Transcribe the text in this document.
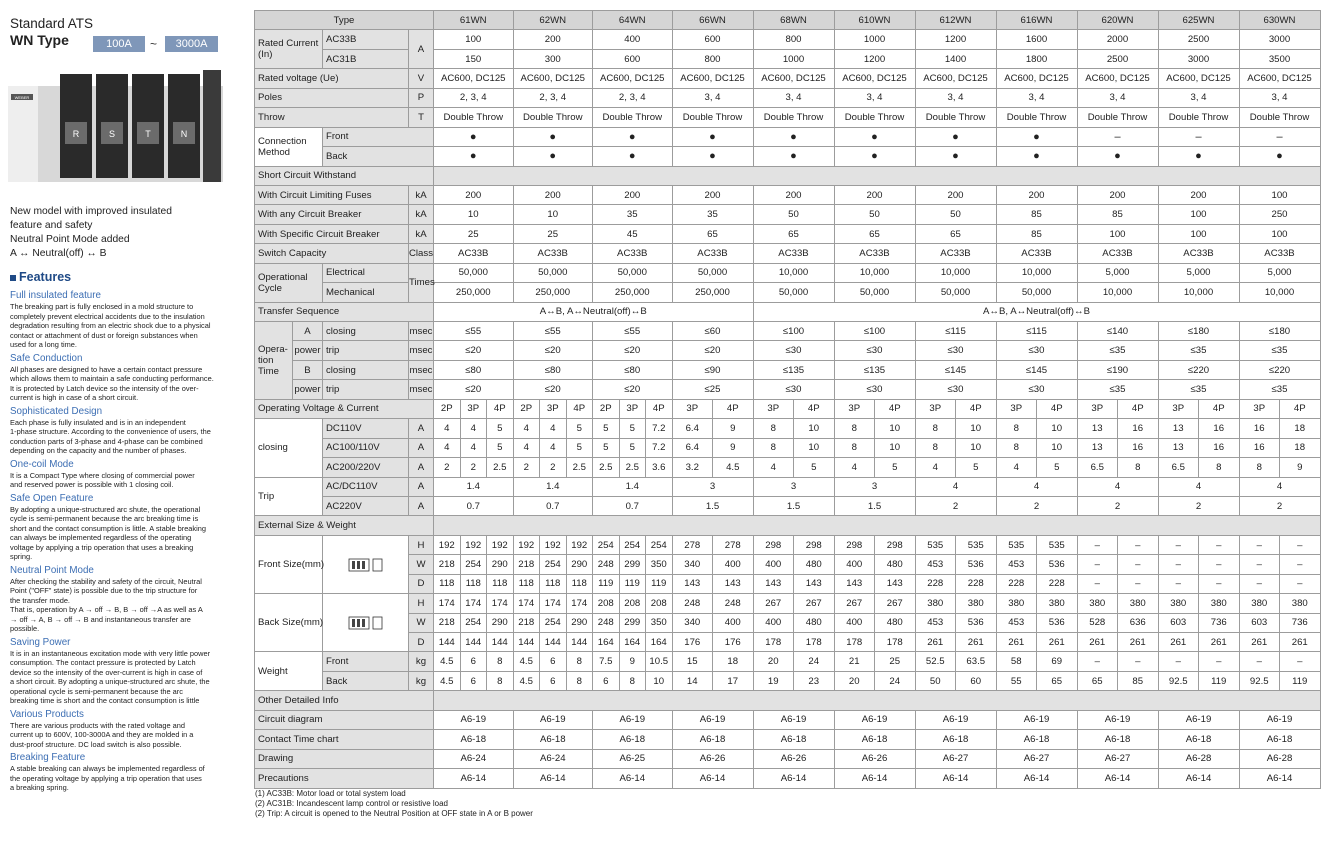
Standard ATS
WN Type	100A	~	3000A
WEBER
R	S	T	N
New model with improved insulated
feature and safety
Neutral Point Mode added
A ↔ Neutral(off) ↔ B
Features
Full insulated feature
The breaking part is fully enclosed in a mold structure to
completely prevent electrical accidents due to the insulation
degradation resulting from an electric shock due to a physical
contact or attachment of dust or foreign substances when
used for a long time.
Safe Conduction
All phases are designed to have a certain contact pressure
which allows them to maintain a safe conducting performance.
It is protected by Latch device so the intensity of the over-
current is high in case of a short circuit.
Sophisticated Design
Each phase is fully insulated and is in an independent
1-phase structure. According to the convenience of users, the
conduction parts of 3-phase and 4-phase can be combined
depending on the capacity and the number of phases.
One-coil Mode
It is a Compact Type where closing of commercial power
and reserved power is possible with 1 closing coil.
Safe Open Feature
By adopting a unique-structured arc shute, the operational
cycle is semi-permanent because the arc breaking time is
short and the contact consumption is little. A stable breaking
can always be implemented regardless of the operating
voltage by applying a trip operation that uses a breaking
spring.
Neutral Point Mode
After checking the stability and safety of the circuit, Neutral
Point ("OFF" state) is possible due to the trip structure for
the transfer mode.
That is, operation by A → off → B, B → off →A as well as A
→ off → A, B → off → B and instantaneous transfer are
possible.
Saving Power
It is in an instantaneous excitation mode with very little power
consumption. The contact pressure is protected by Latch
device so the intensity of the over-current is high in case of
a short circuit. By adopting a unique-structured arc shute, the
operational cycle is semi-permanent because the arc
breaking time is short and the contact consumption is little
Various Products
There are various products with the rated voltage and
current up to 600V, 100-3000A and they are molded in a
dust-proof structure. DC load switch is also possible.
Breaking Feature
A stable breaking can always be implemented regardless of
the operating voltage by applying a trip operation that uses
a breaking spring.
Type				61WN			62WN			64WN			66WN		68WN		610WN		612WN		616WN		620WN		625WN		630WN	
Rated Current
(In)		AC33B	A	100			200			400			600		800		1000		1200		1600		2000		2500		3000	
		AC31B		150			300			600			800		1000		1200		1400		1800		2500		3000		3500	
Rated voltage (Ue)			V	AC600, DC125			AC600, DC125			AC600, DC125			AC600, DC125		AC600, DC125		AC600, DC125		AC600, DC125		AC600, DC125		AC600, DC125		AC600, DC125		AC600, DC125	
Poles			P	2, 3, 4			2, 3, 4			2, 3, 4			3, 4		3, 4		3, 4		3, 4		3, 4		3, 4		3, 4		3, 4	
Throw			T	Double Throw			Double Throw			Double Throw			Double Throw		Double Throw		Double Throw		Double Throw		Double Throw		Double Throw		Double Throw		Double Throw	
Connection
Method		Front		●			●			●			●		●		●		●		●		–		–		–	
		Back		●			●			●			●		●		●		●		●		●		●		●	
Short Circuit Withstand																												
With Circuit Limiting Fuses			kA	200			200			200			200		200		200		200		200		200		200		100	
With any Circuit Breaker			kA	10			10			35			35		50		50		50		85		85		100		250	
With Specific Circuit Breaker			kA	25			25			45			65		65		65		65		85		100		100		100	
Switch Capacity			Class	AC33B			AC33B			AC33B			AC33B		AC33B		AC33B		AC33B		AC33B		AC33B		AC33B		AC33B	
Operational
Cycle		Electrical	Times	50,000			50,000			50,000			50,000		10,000		10,000		10,000		10,000		5,000		5,000		5,000	
		Mechanical		250,000			250,000			250,000			250,000		50,000		50,000		50,000		50,000		10,000		10,000		10,000	
Transfer Sequence				A↔B, A↔Neutral(off)↔B											A↔B, A↔Neutral(off)↔B													
Opera-
tion Time	A	closing	msec	≤55			≤55			≤55			≤60		≤100		≤100		≤115		≤115		≤140		≤180		≤180	
	power	trip	msec	≤20			≤20			≤20			≤20		≤30		≤30		≤30		≤30		≤35		≤35		≤35	
	B	closing	msec	≤80			≤80			≤80			≤90		≤135		≤135		≤145		≤145		≤190		≤220		≤220	
	power	trip	msec	≤20			≤20			≤20			≤25		≤30		≤30		≤30		≤30		≤35		≤35		≤35	
Operating Voltage & Current				2P	3P	4P	2P	3P	4P	2P	3P	4P	3P	4P	3P	4P	3P	4P	3P	4P	3P	4P	3P	4P	3P	4P	3P	4P
closing		DC110V	A	4	4	5	4	4	5	5	5	7.2	6.4	9	8	10	8	10	8	10	8	10	13	16	13	16	16	18
		AC100/110V	A	4	4	5	4	4	5	5	5	7.2	6.4	9	8	10	8	10	8	10	8	10	13	16	13	16	16	18
		AC200/220V	A	2	2	2.5	2	2	2.5	2.5	2.5	3.6	3.2	4.5	4	5	4	5	4	5	4	5	6.5	8	6.5	8	8	9
Trip		AC/DC110V	A	1.4			1.4			1.4			3		3		3		4		4		4		4		4	
		AC220V	A	0.7			0.7			0.7			1.5		1.5		1.5		2		2		2		2		2	
External Size & Weight																												
Front Size(mm)			H	192	192	192	192	192	192	254	254	254	278	278	298	298	298	298	535	535	535	535	–	–	–	–	–	–
			W	218	254	290	218	254	290	248	299	350	340	400	400	480	400	480	453	536	453	536	–	–	–	–	–	–
			D	118	118	118	118	118	118	119	119	119	143	143	143	143	143	143	228	228	228	228	–	–	–	–	–	–
Back Size(mm)			H	174	174	174	174	174	174	208	208	208	248	248	267	267	267	267	380	380	380	380	380	380	380	380	380	380
			W	218	254	290	218	254	290	248	299	350	340	400	400	480	400	480	453	536	453	536	528	636	603	736	603	736
			D	144	144	144	144	144	144	164	164	164	176	176	178	178	178	178	261	261	261	261	261	261	261	261	261	261
Weight		Front	kg	4.5	6	8	4.5	6	8	7.5	9	10.5	15	18	20	24	21	25	52.5	63.5	58	69	–	–	–	–	–	–
		Back	kg	4.5	6	8	4.5	6	8	6	8	10	14	17	19	23	20	24	50	60	55	65	65	85	92.5	119	92.5	119
Other Detailed Info																												
Circuit diagram				A6-19			A6-19			A6-19			A6-19		A6-19		A6-19		A6-19		A6-19		A6-19		A6-19		A6-19	
Contact Time chart				A6-18			A6-18			A6-18			A6-18		A6-18		A6-18		A6-18		A6-18		A6-18		A6-18		A6-18	
Drawing				A6-24			A6-24			A6-25			A6-26		A6-26		A6-26		A6-27		A6-27		A6-27		A6-28		A6-28	
Precautions				A6-14			A6-14			A6-14			A6-14		A6-14		A6-14		A6-14		A6-14		A6-14		A6-14		A6-14	
(1) AC33B: Motor load or total system load
(2) AC31B: Incandescent lamp control or resistive load
(2) Trip: A circuit is opened to the Neutral Position at OFF state in A or B power
